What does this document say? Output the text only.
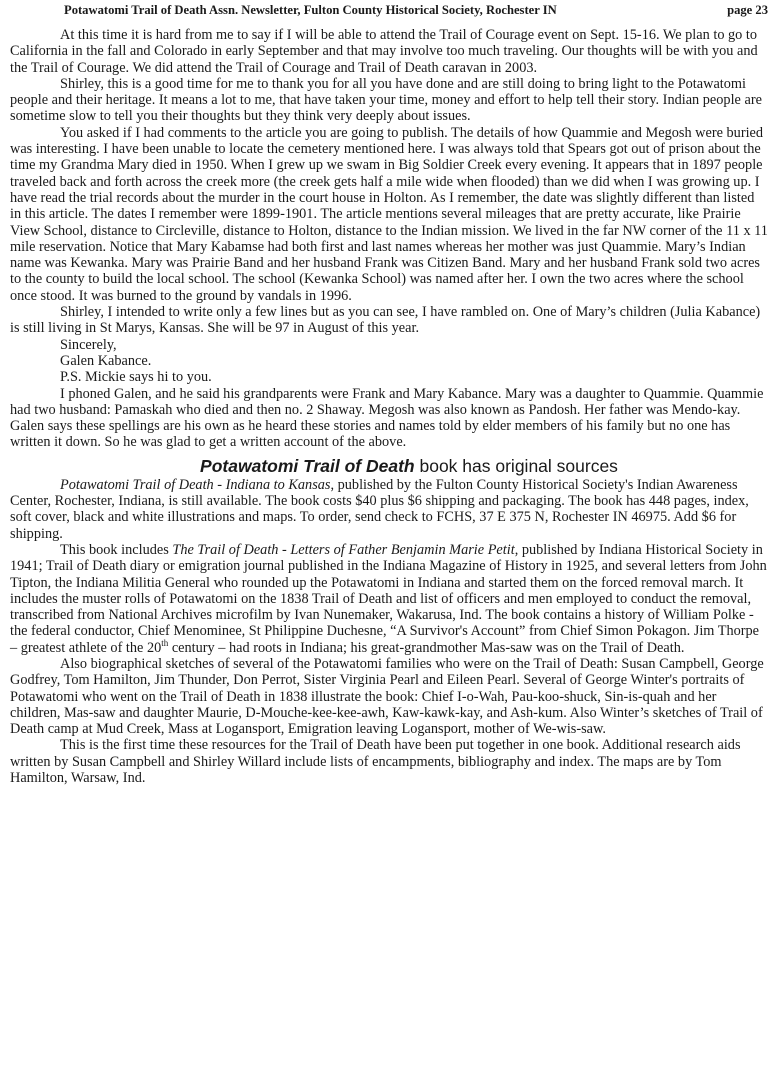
Potawatomi Trail of Death Assn. Newsletter, Fulton County Historical Society, Rochester IN	page 23

At this time it is hard from me to say if I will be able to attend the Trail of Courage event on Sept. 15-16. We plan to go to California in the fall and Colorado in early September and that may involve too much traveling. Our thoughts will be with you and the Trail of Courage. We did attend the Trail of Courage and Trail of Death caravan in 2003.

Shirley, this is a good time for me to thank you for all you have done and are still doing to bring light to the Potawatomi people and their heritage. It means a lot to me, that have taken your time, money and effort to help tell their story. Indian people are sometime slow to tell you their thoughts but they think very deeply about issues.

You asked if I had comments to the article you are going to publish. The details of how Quammie and Megosh were buried was interesting. I have been unable to locate the cemetery mentioned here. I was always told that Spears got out of prison about the time my Grandma Mary died in 1950. When I grew up we swam in Big Soldier Creek every evening. It appears that in 1897 people traveled back and forth across the creek more (the creek gets half a mile wide when flooded) than we did when I was growing up. I have read the trial records about the murder in the court house in Holton. As I remember, the date was slightly different than listed in this article. The dates I remember were 1899-1901. The article mentions several mileages that are pretty accurate, like Prairie View School, distance to Circleville, distance to Holton, distance to the Indian mission. We lived in the far NW corner of the 11 x 11 mile reservation. Notice that Mary Kabamse had both first and last names whereas her mother was just Quammie. Mary’s Indian name was Kewanka. Mary was Prairie Band and her husband Frank was Citizen Band. Mary and her husband Frank sold two acres to the county to build the local school. The school (Kewanka School) was named after her. I own the two acres where the school once stood. It was burned to the ground by vandals in 1996.

Shirley, I intended to write only a few lines but as you can see, I have rambled on. One of Mary’s children (Julia Kabance) is still living in St Marys, Kansas. She will be 97 in August of this year.

Sincerely,

Galen Kabance.

P.S. Mickie says hi to you.

I phoned Galen, and he said his grandparents were Frank and Mary Kabance. Mary was a daughter to Quammie. Quammie had two husband: Pamaskah who died and then no. 2 Shaway. Megosh was also known as Pandosh. Her father was Mendo-kay. Galen says these spellings are his own as he heard these stories and names told by elder members of his family but no one has written it down. So he was glad to get a written account of the above.

Potawatomi Trail of Death book has original sources

Potawatomi Trail of Death - Indiana to Kansas, published by the Fulton County Historical Society's Indian Awareness Center, Rochester, Indiana, is still available. The book costs $40 plus $6 shipping and packaging. The book has 448 pages, index, soft cover, black and white illustrations and maps. To order, send check to FCHS, 37 E 375 N, Rochester IN 46975. Add $6 for shipping.

This book includes The Trail of Death - Letters of Father Benjamin Marie Petit, published by Indiana Historical Society in 1941; Trail of Death diary or emigration journal published in the Indiana Magazine of History in 1925, and several letters from John Tipton, the Indiana Militia General who rounded up the Potawatomi in Indiana and started them on the forced removal march. It includes the muster rolls of Potawatomi on the 1838 Trail of Death and list of officers and men employed to conduct the removal, transcribed from National Archives microfilm by Ivan Nunemaker, Wakarusa, Ind. The book contains a history of William Polke - the federal conductor, Chief Menominee, St Philippine Duchesne, “A Survivor's Account” from Chief Simon Pokagon. Jim Thorpe – greatest athlete of the 20th century – had roots in Indiana; his great-grandmother Mas-saw was on the Trail of Death.

Also biographical sketches of several of the Potawatomi families who were on the Trail of Death: Susan Campbell, George Godfrey, Tom Hamilton, Jim Thunder, Don Perrot, Sister Virginia Pearl and Eileen Pearl. Several of George Winter's portraits of Potawatomi who went on the Trail of Death in 1838 illustrate the book: Chief I-o-Wah, Pau-koo-shuck, Sin-is-quah and her children, Mas-saw and daughter Maurie, D-Mouche-kee-kee-awh, Kaw-kawk-kay, and Ash-kum. Also Winter’s sketches of Trail of Death camp at Mud Creek, Mass at Logansport, Emigration leaving Logansport, mother of We-wis-saw.

This is the first time these resources for the Trail of Death have been put together in one book. Additional research aids written by Susan Campbell and Shirley Willard include lists of encampments, bibliography and index. The maps are by Tom Hamilton, Warsaw, Ind.
